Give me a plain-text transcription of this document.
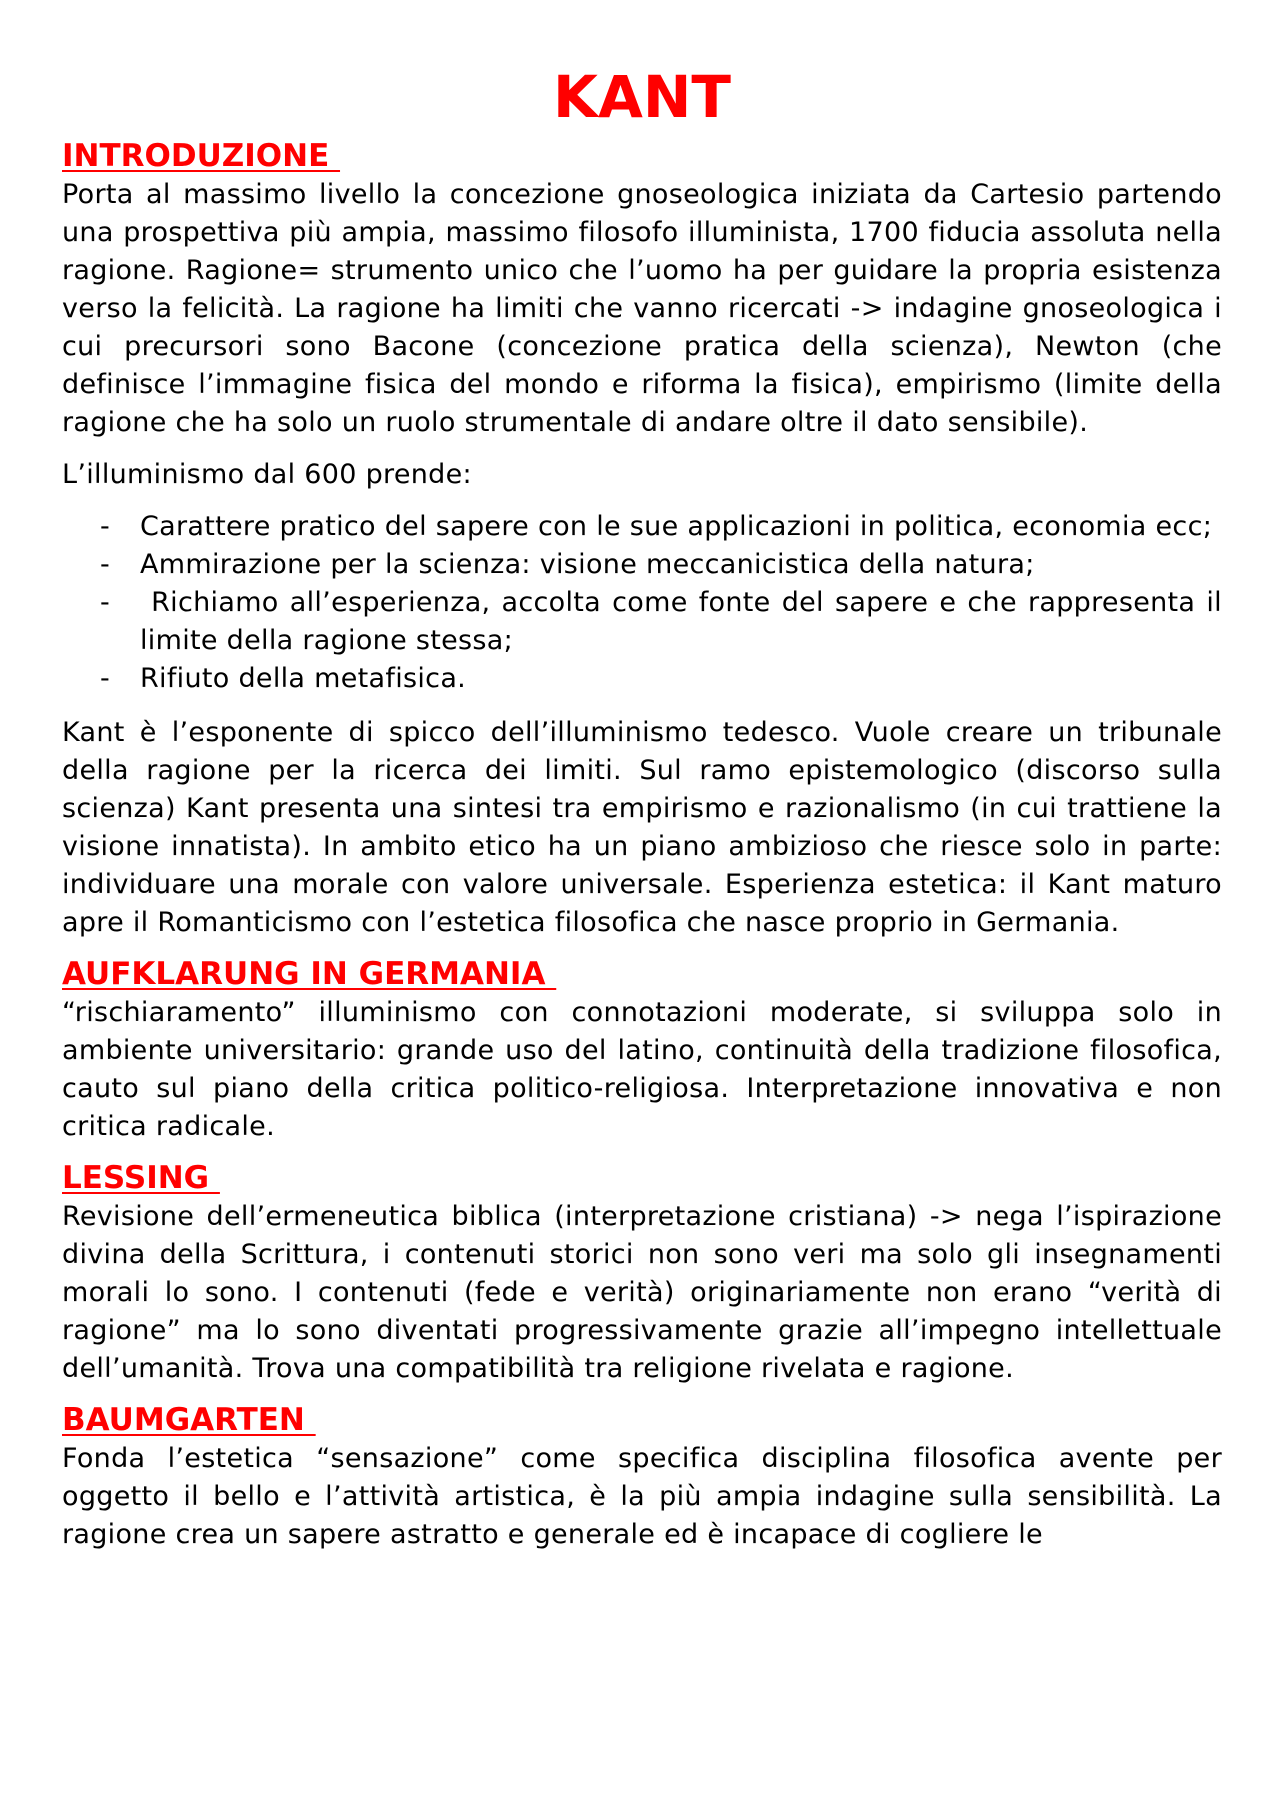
KANT
INTRODUZIONE

Porta al massimo livello la concezione gnoseologica iniziata da Cartesio partendo una prospettiva più ampia, massimo filosofo illuminista, 1700 fiducia assoluta nella ragione. Ragione= strumento unico che l’uomo ha per guidare la propria esistenza verso la felicità. La ragione ha limiti che vanno ricercati -> indagine gnoseologica i cui precursori sono Bacone (concezione pratica della scienza), Newton (che definisce l’immagine fisica del mondo e riforma la fisica), empirismo (limite della ragione che ha solo un ruolo strumentale di andare oltre il dato sensibile).

L’illuminismo dal 600 prende:

- Carattere pratico del sapere con le sue applicazioni in politica, economia ecc;
- Ammirazione per la scienza: visione meccanicistica della natura;
- Richiamo all’esperienza, accolta come fonte del sapere e che rappresenta il limite della ragione stessa;
- Rifiuto della metafisica.

Kant è l’esponente di spicco dell’illuminismo tedesco. Vuole creare un tribunale della ragione per la ricerca dei limiti. Sul ramo epistemologico (discorso sulla scienza) Kant presenta una sintesi tra empirismo e razionalismo (in cui trattiene la visione innatista). In ambito etico ha un piano ambizioso che riesce solo in parte: individuare una morale con valore universale. Esperienza estetica: il Kant maturo apre il Romanticismo con l’estetica filosofica che nasce proprio in Germania.

AUFKLARUNG IN GERMANIA

“rischiaramento” illuminismo con connotazioni moderate, si sviluppa solo in ambiente universitario: grande uso del latino, continuità della tradizione filosofica, cauto sul piano della critica politico-religiosa. Interpretazione innovativa e non critica radicale.

LESSING

Revisione dell’ermeneutica biblica (interpretazione cristiana) -> nega l’ispirazione divina della Scrittura, i contenuti storici non sono veri ma solo gli insegnamenti morali lo sono. I contenuti (fede e verità) originariamente non erano “verità di ragione” ma lo sono diventati progressivamente grazie all’impegno intellettuale dell’umanità. Trova una compatibilità tra religione rivelata e ragione.

BAUMGARTEN

Fonda l’estetica “sensazione” come specifica disciplina filosofica avente per oggetto il bello e l’attività artistica, è la più ampia indagine sulla sensibilità. La ragione crea un sapere astratto e generale ed è incapace di cogliere le
